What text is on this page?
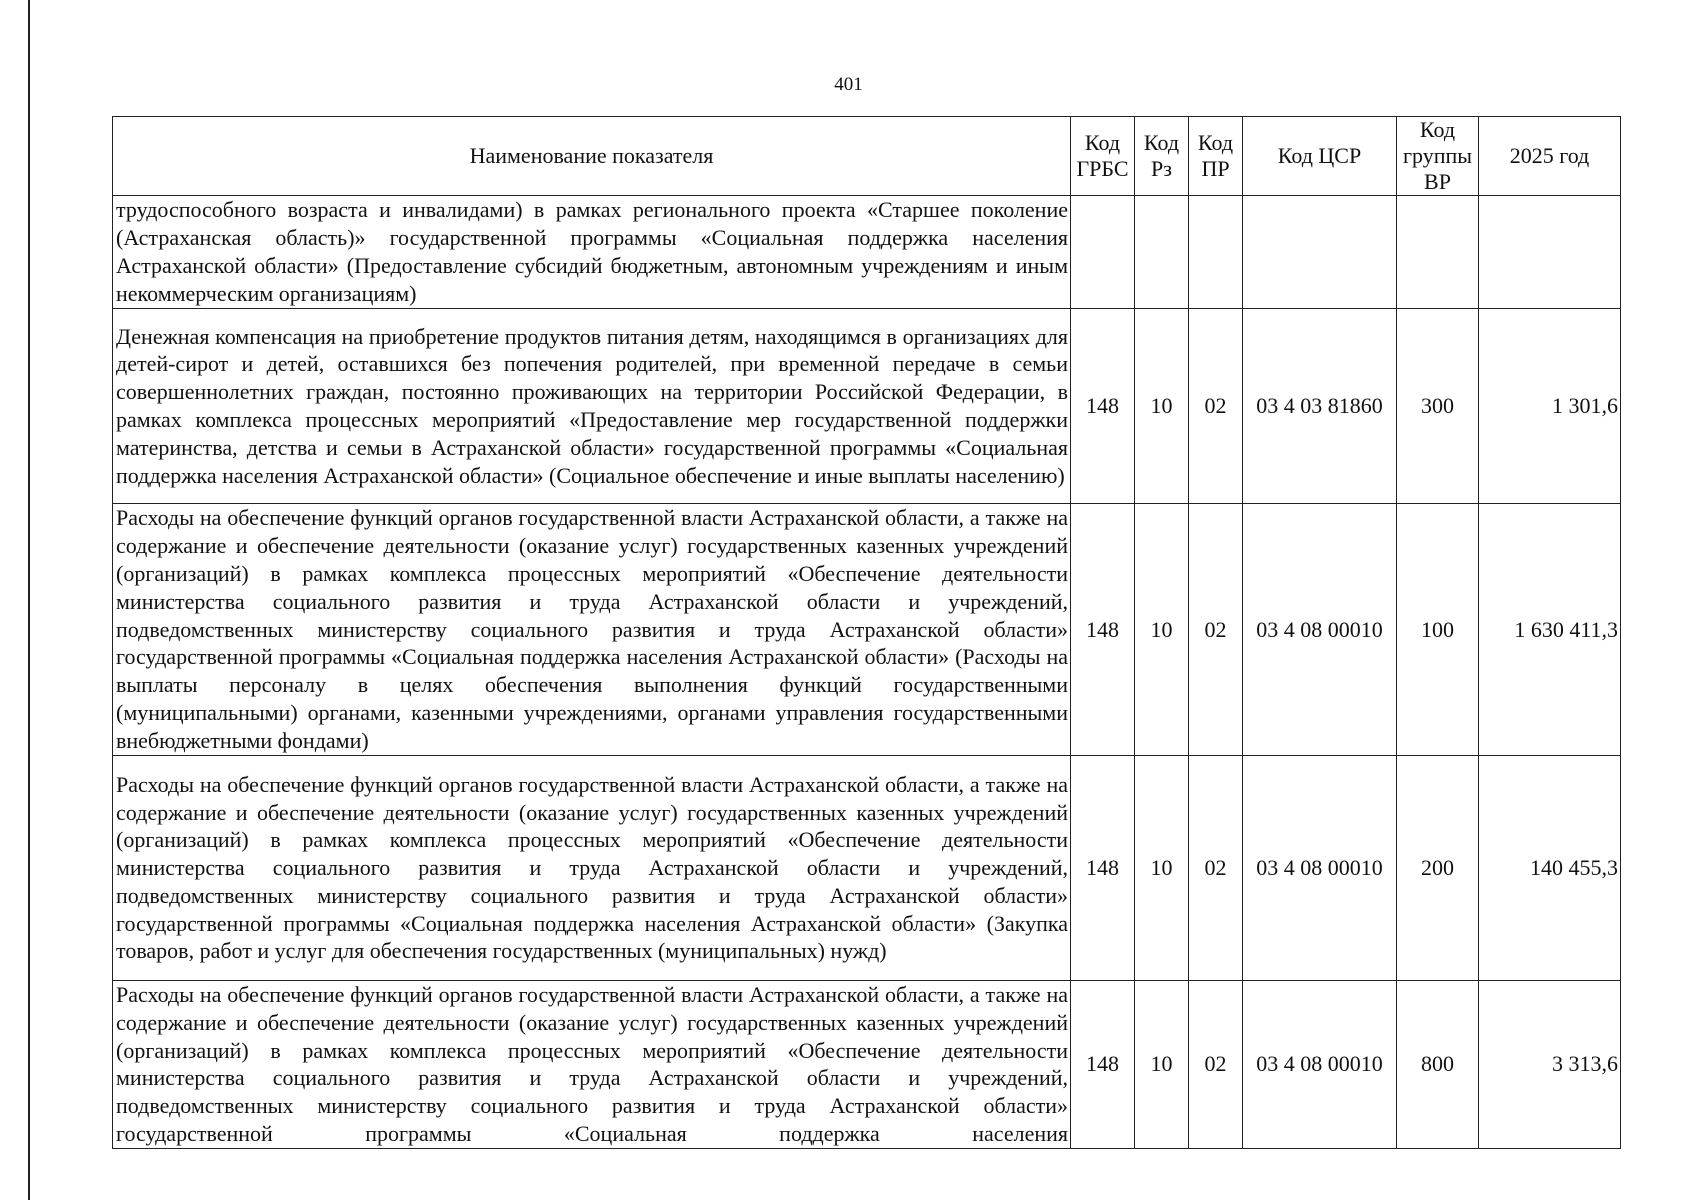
401
Наименование показателя	Код ГРБС	Код Рз	Код ПР	Код ЦСР	Код группы ВР	2025 год
трудоспособного возраста и инвалидами) в рамках регионального проекта «Старшее поколение (Астраханская область)» государственной программы «Социальная поддержка населения Астраханской области» (Предоставление субсидий бюджетным, автономным учреждениям и иным некоммерческим организациям)						
Денежная компенсация на приобретение продуктов питания детям, находящимся в организациях для детей-сирот и детей, оставшихся без попечения родителей, при временной передаче в семьи совершеннолетних граждан, постоянно проживающих на территории Российской Федерации, в рамках комплекса процессных мероприятий «Предоставление мер государственной поддержки материнства, детства и семьи в Астраханской области» государственной программы «Социальная поддержка населения Астраханской области» (Социальное обеспечение и иные выплаты населению)	148	10	02	03 4 03 81860	300	1 301,6
Расходы на обеспечение функций органов государственной власти Астраханской области, а также на содержание и обеспечение деятельности (оказание услуг) государственных казенных учреждений (организаций) в рамках комплекса процессных мероприятий «Обеспечение деятельности министерства социального развития и труда Астраханской области и учреждений, подведомственных министерству социального развития и труда Астраханской области» государственной программы «Социальная поддержка населения Астраханской области» (Расходы на выплаты персоналу в целях обеспечения выполнения функций государственными (муниципальными) органами, казенными учреждениями, органами управления государственными внебюджетными фондами)	148	10	02	03 4 08 00010	100	1 630 411,3
Расходы на обеспечение функций органов государственной власти Астраханской области, а также на содержание и обеспечение деятельности (оказание услуг) государственных казенных учреждений (организаций) в рамках комплекса процессных мероприятий «Обеспечение деятельности министерства социального развития и труда Астраханской области и учреждений, подведомственных министерству социального развития и труда Астраханской области» государственной программы «Социальная поддержка населения Астраханской области» (Закупка товаров, работ и услуг для обеспечения государственных (муниципальных) нужд)	148	10	02	03 4 08 00010	200	140 455,3
Расходы на обеспечение функций органов государственной власти Астраханской области, а также на содержание и обеспечение деятельности (оказание услуг) государственных казенных учреждений (организаций) в рамках комплекса процессных мероприятий «Обеспечение деятельности министерства социального развития и труда Астраханской области и учреждений, подведомственных министерству социального развития и труда Астраханской области» государственной программы «Социальная поддержка населения	148	10	02	03 4 08 00010	800	3 313,6
